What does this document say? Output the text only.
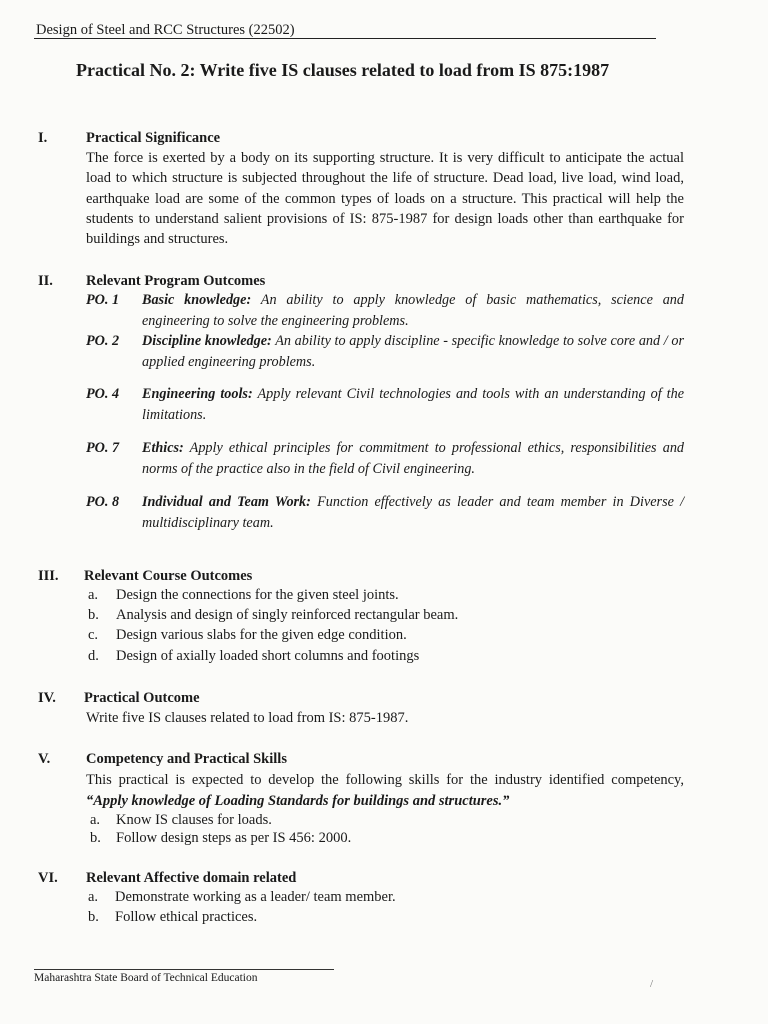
Design of Steel and RCC Structures (22502)
Practical No. 2: Write five IS clauses related to load from IS 875:1987
I.	Practical Significance
The force is exerted by a body on its supporting structure. It is very difficult to anticipate the actual load to which structure is subjected throughout the life of structure. Dead load, live load, wind load, earthquake load are some of the common types of loads on a structure. This practical will help the students to understand salient provisions of IS: 875-1987 for design loads other than earthquake for buildings and structures.
II. Relevant Program Outcomes
PO. 1 Basic knowledge: An ability to apply knowledge of basic mathematics, science and engineering to solve the engineering problems.
PO. 2 Discipline knowledge: An ability to apply discipline - specific knowledge to solve core and / or applied engineering problems.
PO. 4 Engineering tools: Apply relevant Civil technologies and tools with an understanding of the limitations.
PO. 7 Ethics: Apply ethical principles for commitment to professional ethics, responsibilities and norms of the practice also in the field of Civil engineering.
PO. 8 Individual and Team Work: Function effectively as leader and team member in Diverse / multidisciplinary team.
III. Relevant Course Outcomes
a. Design the connections for the given steel joints.
b. Analysis and design of singly reinforced rectangular beam.
c. Design various slabs for the given edge condition.
d. Design of axially loaded short columns and footings
IV. Practical Outcome
Write five IS clauses related to load from IS: 875-1987.
V. Competency and Practical Skills
This practical is expected to develop the following skills for the industry identified competency, “Apply knowledge of Loading Standards for buildings and structures.”
a. Know IS clauses for loads.
b. Follow design steps as per IS 456: 2000.
VI. Relevant Affective domain related
a. Demonstrate working as a leader/ team member.
b. Follow ethical practices.
Maharashtra State Board of Technical Education	/
